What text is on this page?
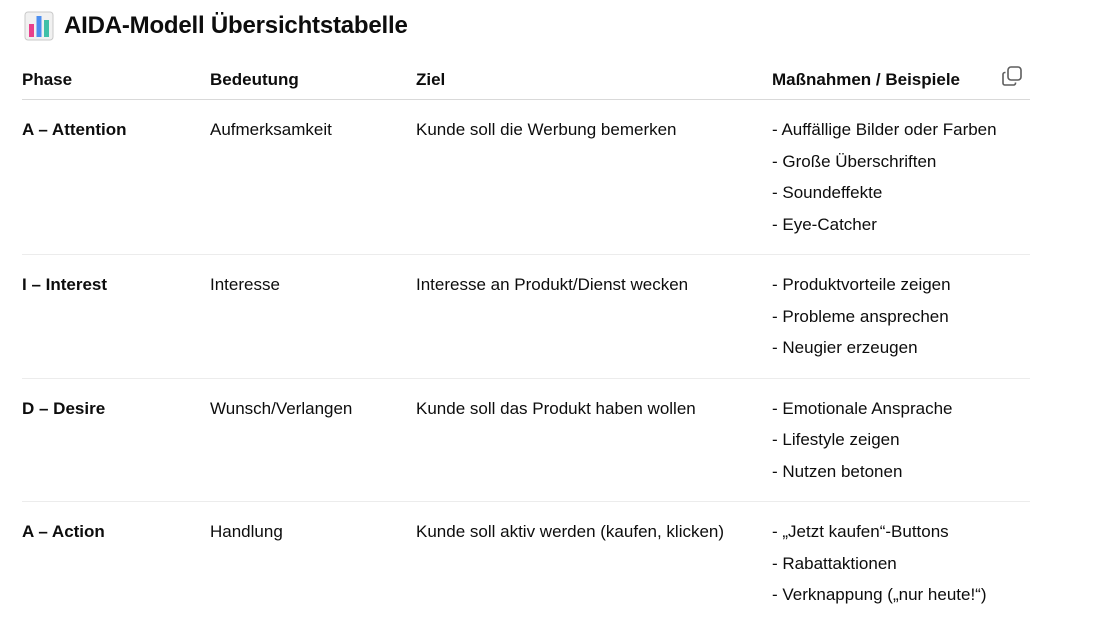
AIDA-Modell Übersichtstabelle
Phase	Bedeutung	Ziel	Maßnahmen / Beispiele

A – Attention	Aufmerksamkeit	Kunde soll die Werbung bemerken	- Auffällige Bilder oder Farben
- Große Überschriften
- Soundeffekte
- Eye-Catcher

I – Interest	Interesse	Interesse an Produkt/Dienst wecken	- Produktvorteile zeigen
- Probleme ansprechen
- Neugier erzeugen

D – Desire	Wunsch/Verlangen	Kunde soll das Produkt haben wollen	- Emotionale Ansprache
- Lifestyle zeigen
- Nutzen betonen

A – Action	Handlung	Kunde soll aktiv werden (kaufen, klicken)	- „Jetzt kaufen“-Buttons
- Rabattaktionen
- Verknappung („nur heute!“)
